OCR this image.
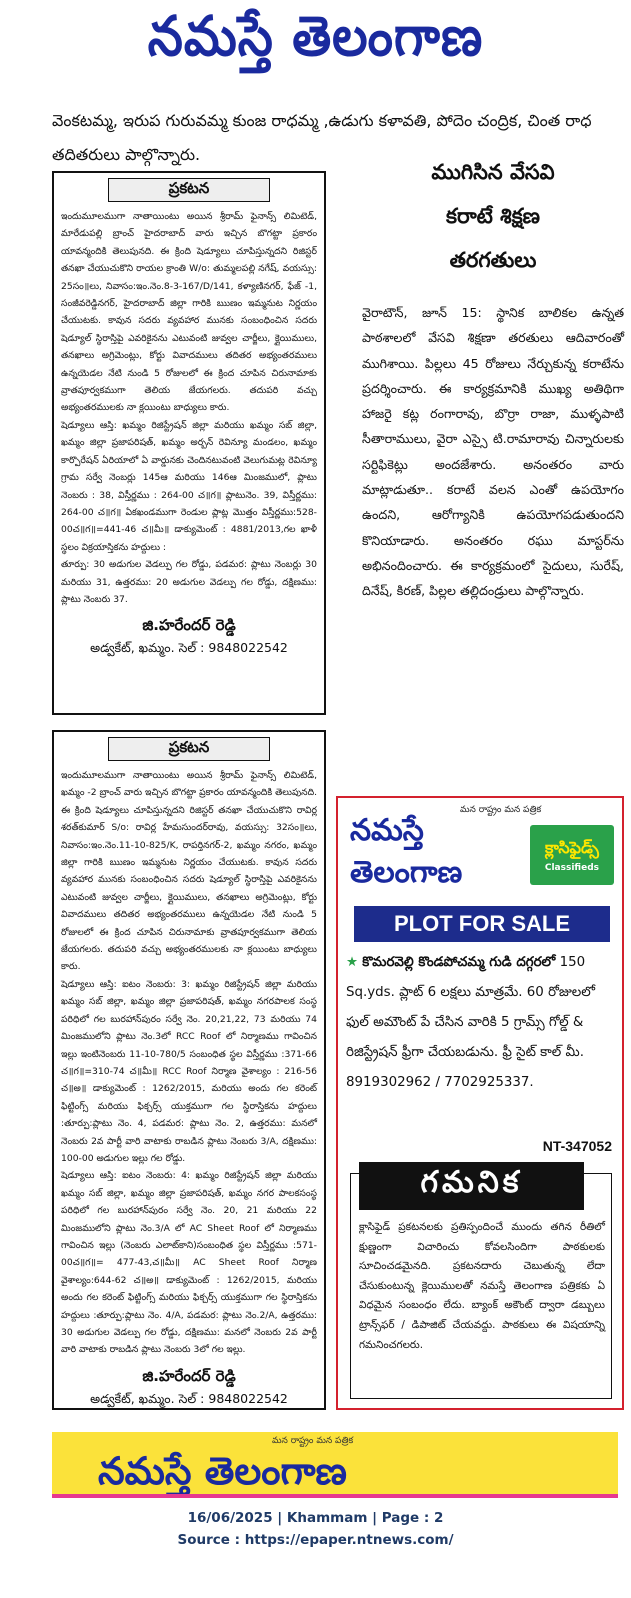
నమస్తే తెలంగాణ

వెంకటమ్మ, ఇరుప గురువమ్మ కుంజ రాధమ్మ ,ఉడుగు కళావతి, పోదెం చంద్రిక, చింత రాధ తదితరులు పాల్గొన్నారు.

ప్రకటన

ఇందుమూలముగా నాతాయింటు అయిన శ్రీరామ్ ఫైనాన్స్ లిమిటెడ్, మారేడుపల్లి బ్రాంచ్ హైదరాబాద్ వారు ఇచ్చిన బొగట్టా ప్రకారం యావన్మందికి తెలుపునది. ఈ క్రింది షెడ్యూలు చూపిస్తున్నదని రిజిస్టర్ తనఖా చేయుచుకొని రాయల క్రాంతి W/o: తుమ్మలపల్లి నగేష్, వయస్సు: 25సం॥లు, నివాసం:ఇం.నెం.8-3-167/D/141, కళ్యాణినగర్, ఫేజ్ -1, సంజీవరెడ్డినగర్, హైదరాబాద్ జిల్లా గారికి ఋణం ఇమ్మనుట నిర్ణయం చేయుటకు. కావున సదరు వ్యవహార మునకు సంబంధించిన సదరు షెడ్యూల్ స్థిరాస్తిపై ఎవరికైనను ఎటువంటి జువ్వల చార్జీలు, క్లైయిములు, తనఖాలు అగ్రిమెంట్లు, కోర్టు వివాదములు తదితర అభ్యంతరములు ఉన్నయెడల నేటి నుండి 5 రోజులలో ఈ క్రింద చూపిన చిరునామాకు వ్రాతపూర్వకముగా తెలియ జేయగలరు. తదుపరి వచ్చు అభ్యంతరములకు నా క్లయింటు బాధ్యులు కారు.

షెడ్యూలు ఆస్తి: ఖమ్మం రిజిస్ట్రేషన్ జిల్లా మరియు ఖమ్మం సబ్ జిల్లా, ఖమ్మం జిల్లా ప్రజాపరిషత్, ఖమ్మం అర్బన్ రెవిన్యూ మండలం, ఖమ్మం కార్పొరేషన్ ఏరియాలో ఏ వార్డునకు చెందినటువంటి వెలుగుమట్ల రెవిన్యూ గ్రామ సర్వే నెంబర్లు 145ఆ మరియు 146ఆ మింజములో, ప్లాటు నెంబరు : 38, విస్తీర్ణము : 264-00 చ॥గ॥ ప్లాటునెం. 39, విస్తీర్ణము: 264-00 చ॥గ॥ ఏకఖండముగా రెండుల ప్లాట్ల మొత్తం విస్తీర్ణము:528-00చ॥గ॥=441-46 చ॥మీ॥ డాక్యుమెంట్ : 4881/2013,గల ఖాళీ స్థలం విక్రయాస్తికను హద్దులు :

తూర్పు: 30 అడుగుల వెడల్పు గల రోడ్డు, పడమర: ప్లాటు నెంబర్లు 30 మరియు 31, ఉత్తరము: 20 అడుగుల వెడల్పు గల రోడ్డు, దక్షిణము: ప్లాటు నెంబరు 37.

జి.హరేందర్ రెడ్డి
అడ్వకేట్, ఖమ్మం. సెల్ : 9848022542
ప్రకటన

ఇందుమూలముగా నాతాయింటు అయిన శ్రీరామ్ ఫైనాన్స్ లిమిటెడ్, ఖమ్మం -2 బ్రాంచ్ వారు ఇచ్చిన బొగట్టా ప్రకారం యావన్మందికి తెలుపునది. ఈ క్రింది షెడ్యూలు చూపిస్తున్నదని రిజిస్టర్ తనఖా చేయుచుకొని రావిర్ల శరత్‌కుమార్ S/o: రావిర్ల హేమసుందర్‌రావు, వయస్సు: 32సం॥లు, నివాసం:ఇం.నెం.11-10-825/K, రాపర్తినగర్-2, ఖమ్మం నగరం, ఖమ్మం జిల్లా గారికి ఋణం ఇమ్మనుట నిర్ణయం చేయుటకు. కావున సదరు వ్యవహార మునకు సంబంధించిన సదరు షెడ్యూల్ స్థిరాస్తిపై ఎవరికైనను ఎటువంటి జువ్వల చార్జీలు, క్లైయిములు, తనఖాలు అగ్రిమెంట్లు, కోర్టు వివాదములు తదితర అభ్యంతరములు ఉన్నయెడల నేటి నుండి 5 రోజులలో ఈ క్రింద చూపిన చిరునామాకు వ్రాతపూర్వకముగా తెలియ జేయగలరు. తదుపరి వచ్చు అభ్యంతరములకు నా క్లయింటు బాధ్యులు కారు.

షెడ్యూలు ఆస్తి: ఐటం నెంబరు: 3: ఖమ్మం రిజిస్ట్రేషన్ జిల్లా మరియు ఖమ్మం సబ్ జిల్లా, ఖమ్మం జిల్లా ప్రజాపరిషత్, ఖమ్మం నగరపాలక సంస్థ పరిధిలో గల బురహాన్‌పురం సర్వే నెం. 20,21,22, 73 మరియు 74 మింజములోని ప్లాటు నెం.3లో RCC Roof లో నిర్మాణము గావించిన ఇల్లు ఇంటినెంబరు 11-10-780/5 సంబంధిత స్థల విస్తీర్ణము :371-66 చ॥గ॥=310-74 చ॥మీ॥ RCC Roof నిర్మాణ వైశాల్యం : 216-56 చ॥అ॥ డాక్యుమెంట్ : 1262/2015, మరియు అందు గల కరెంట్ ఫిట్టింగ్స్ మరియు ఫిక్చర్స్ యుక్తముగా గల స్థిరాస్తికను హద్దులు :తూర్పు:ప్లాటు నెం. 4, పడమర: ప్లాటు నెం. 2, ఉత్తరము: మనలో నెంబరు 2వ పార్టీ వారి వాటాకు రాబడిన ప్లాటు నెంబరు 3/A, దక్షిణము: 100-00 అడుగుల ఇల్లు గల రోడ్డు.

షెడ్యూలు ఆస్తి: ఐటం నెంబరు: 4: ఖమ్మం రిజిస్ట్రేషన్ జిల్లా మరియు ఖమ్మం సబ్ జిల్లా, ఖమ్మం జిల్లా ప్రజాపరిషత్, ఖమ్మం నగర పాలకసంస్థ పరిధిలో గల బురహాన్‌పురం సర్వే నెం. 20, 21 మరియు 22 మింజములోని ప్లాటు నెం.3/A లో AC Sheet Roof లో నిర్మాణము గావించిన ఇల్లు (నెంబరు ఎలాట్‌కాని)సంబంధిత స్థల విస్తీర్ణము :571-00చ॥గ॥= 477-43,చ॥మీ॥ AC Sheet Roof నిర్మాణ వైశాల్యం:644-62 చ॥అ॥ డాక్యుమెంట్ : 1262/2015, మరియు అందు గల కరెంట్ ఫిట్టింగ్స్ మరియు ఫిక్చర్స్ యుక్తముగా గల స్థిరాస్తికను హద్దులు :తూర్పు:ప్లాటు నెం. 4/A, పడమర: ప్లాటు నెం.2/A, ఉత్తరము: 30 అడుగుల వెడల్పు గల రోడ్డు, దక్షిణము: మనలో నెంబరు 2వ పార్టీ వారి వాటాకు రాబడిన ప్లాటు నెంబరు 3లో గల ఇల్లు.

జి.హరేందర్ రెడ్డి
అడ్వకేట్, ఖమ్మం. సెల్ : 9848022542
ముగిసిన వేసవి
కరాటే శిక్షణ
తరగతులు

వైరాటౌన్, జూన్ 15: స్థానిక బాలికల ఉన్నత పాఠశాలలో వేసవి శిక్షణా తరతులు ఆదివారంతో ముగిశాయి. పిల్లలు 45 రోజులు నేర్చుకున్న కరాటేను ప్రదర్శించారు. ఈ కార్యక్రమానికి ముఖ్య అతిథిగా హాజరై కట్ల రంగారావు, బొర్రా రాజా, ముళ్ళపాటి సీతారాములు, వైరా ఎస్సై టి.రామారావు చిన్నారులకు సర్టిఫికెట్లు అందజేశారు. అనంతరం వారు మాట్లాడుతూ.. కరాటే వలన ఎంతో ఉపయోగం ఉందని, ఆరోగ్యానికి ఉపయోగపడుతుందని కొనియాడారు. అనంతరం రఘు మాస్టర్‌ను అభినందించారు. ఈ కార్యక్రమంలో సైదులు, సురేష్, దినేష్, కిరణ్, పిల్లల తల్లిదండ్రులు పాల్గొన్నారు.

మన రాష్ట్రం మన పత్రిక
నమస్తే తెలంగాణ
క్లాసిఫైడ్స్
Classifieds
PLOT FOR SALE
★ కొమరవెల్లి కొండపోచమ్మ గుడి దగ్గరలో 150 Sq.yds. ప్లాట్ 6 లక్షలు మాత్రమే. 60 రోజులలో ఫుల్ అమౌంట్ పే చేసిన వారికి 5 గ్రామ్స్ గోల్డ్ & రిజిస్ట్రేషన్ ఫ్రీగా చేయబడును. ఫ్రీ సైట్ కాల్ మీ.
8919302962 / 7702925337.
NT-347052
గమనిక

క్లాసిఫైడ్ ప్రకటనలకు ప్రతిస్పందించే ముందు తగిన రీతిలో క్షుణ్ణంగా విచారించు కోవలసిందిగా పాఠకులకు సూచించడమైనది. ప్రకటనదారు చెబుతున్న లేదా చేసుకుంటున్న క్లెయిములతో నమస్తే తెలంగాణ పత్రికకు ఏ విధమైన సంబంధం లేదు. బ్యాంక్ అకౌంట్ ద్వారా డబ్బులు ట్రాన్స్‌ఫర్ / డిపాజిట్ చేయవద్దు. పాఠకులు ఈ విషయాన్ని గమనించగలరు.

మన రాష్ట్రం మన పత్రిక
నమస్తే తెలంగాణ
16/06/2025 | Khammam | Page : 2
Source : https://epaper.ntnews.com/
